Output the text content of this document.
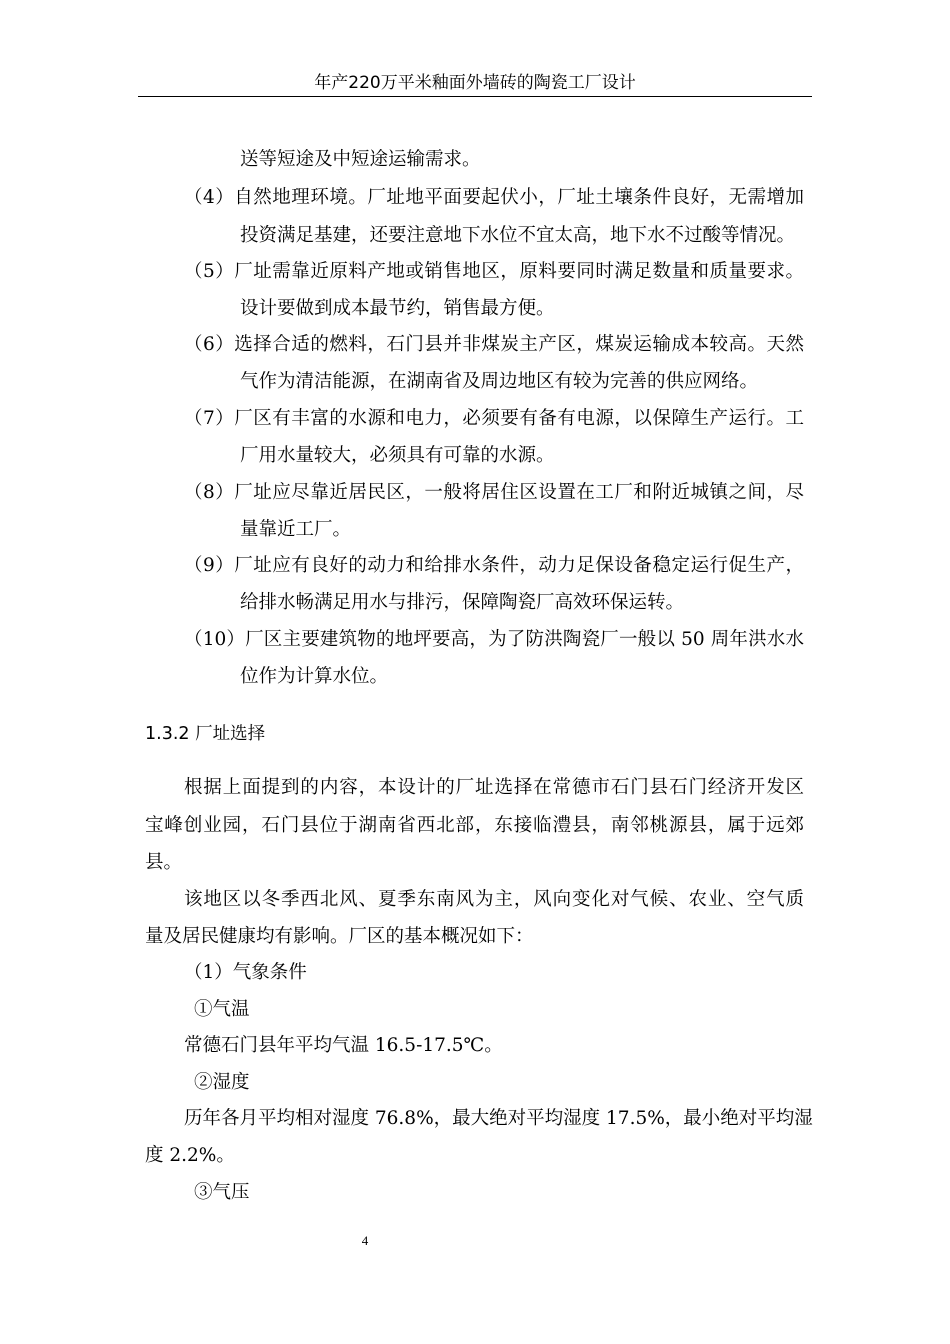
年产220万平米釉面外墙砖的陶瓷工厂设计
送等短途及中短途运输需求。
（4）自然地理环境。厂址地平面要起伏小，厂址土壤条件良好，无需增加
投资满足基建，还要注意地下水位不宜太高，地下水不过酸等情况。
（5）厂址需靠近原料产地或销售地区，原料要同时满足数量和质量要求。
设计要做到成本最节约，销售最方便。
（6）选择合适的燃料，石门县并非煤炭主产区，煤炭运输成本较高。天然
气作为清洁能源，在湖南省及周边地区有较为完善的供应网络。
（7）厂区有丰富的水源和电力，必须要有备有电源，以保障生产运行。工
厂用水量较大，必须具有可靠的水源。
（8）厂址应尽靠近居民区，一般将居住区设置在工厂和附近城镇之间，尽
量靠近工厂。
（9）厂址应有良好的动力和给排水条件，动力足保设备稳定运行促生产，
给排水畅满足用水与排污，保障陶瓷厂高效环保运转。
（10）厂区主要建筑物的地坪要高，为了防洪陶瓷厂一般以 50 周年洪水水
位作为计算水位。
1.3.2 厂址选择
根据上面提到的内容，本设计的厂址选择在常德市石门县石门经济开发区
宝峰创业园，石门县位于湖南省西北部，东接临澧县，南邻桃源县，属于远郊
县。
该地区以冬季西北风、夏季东南风为主，风向变化对气候、农业、空气质
量及居民健康均有影响。厂区的基本概况如下：
（1）气象条件
①气温
常德石门县年平均气温 16.5-17.5℃。
②湿度
历年各月平均相对湿度 76.8%，最大绝对平均湿度 17.5%，最小绝对平均湿
度 2.2%。
③气压
4
